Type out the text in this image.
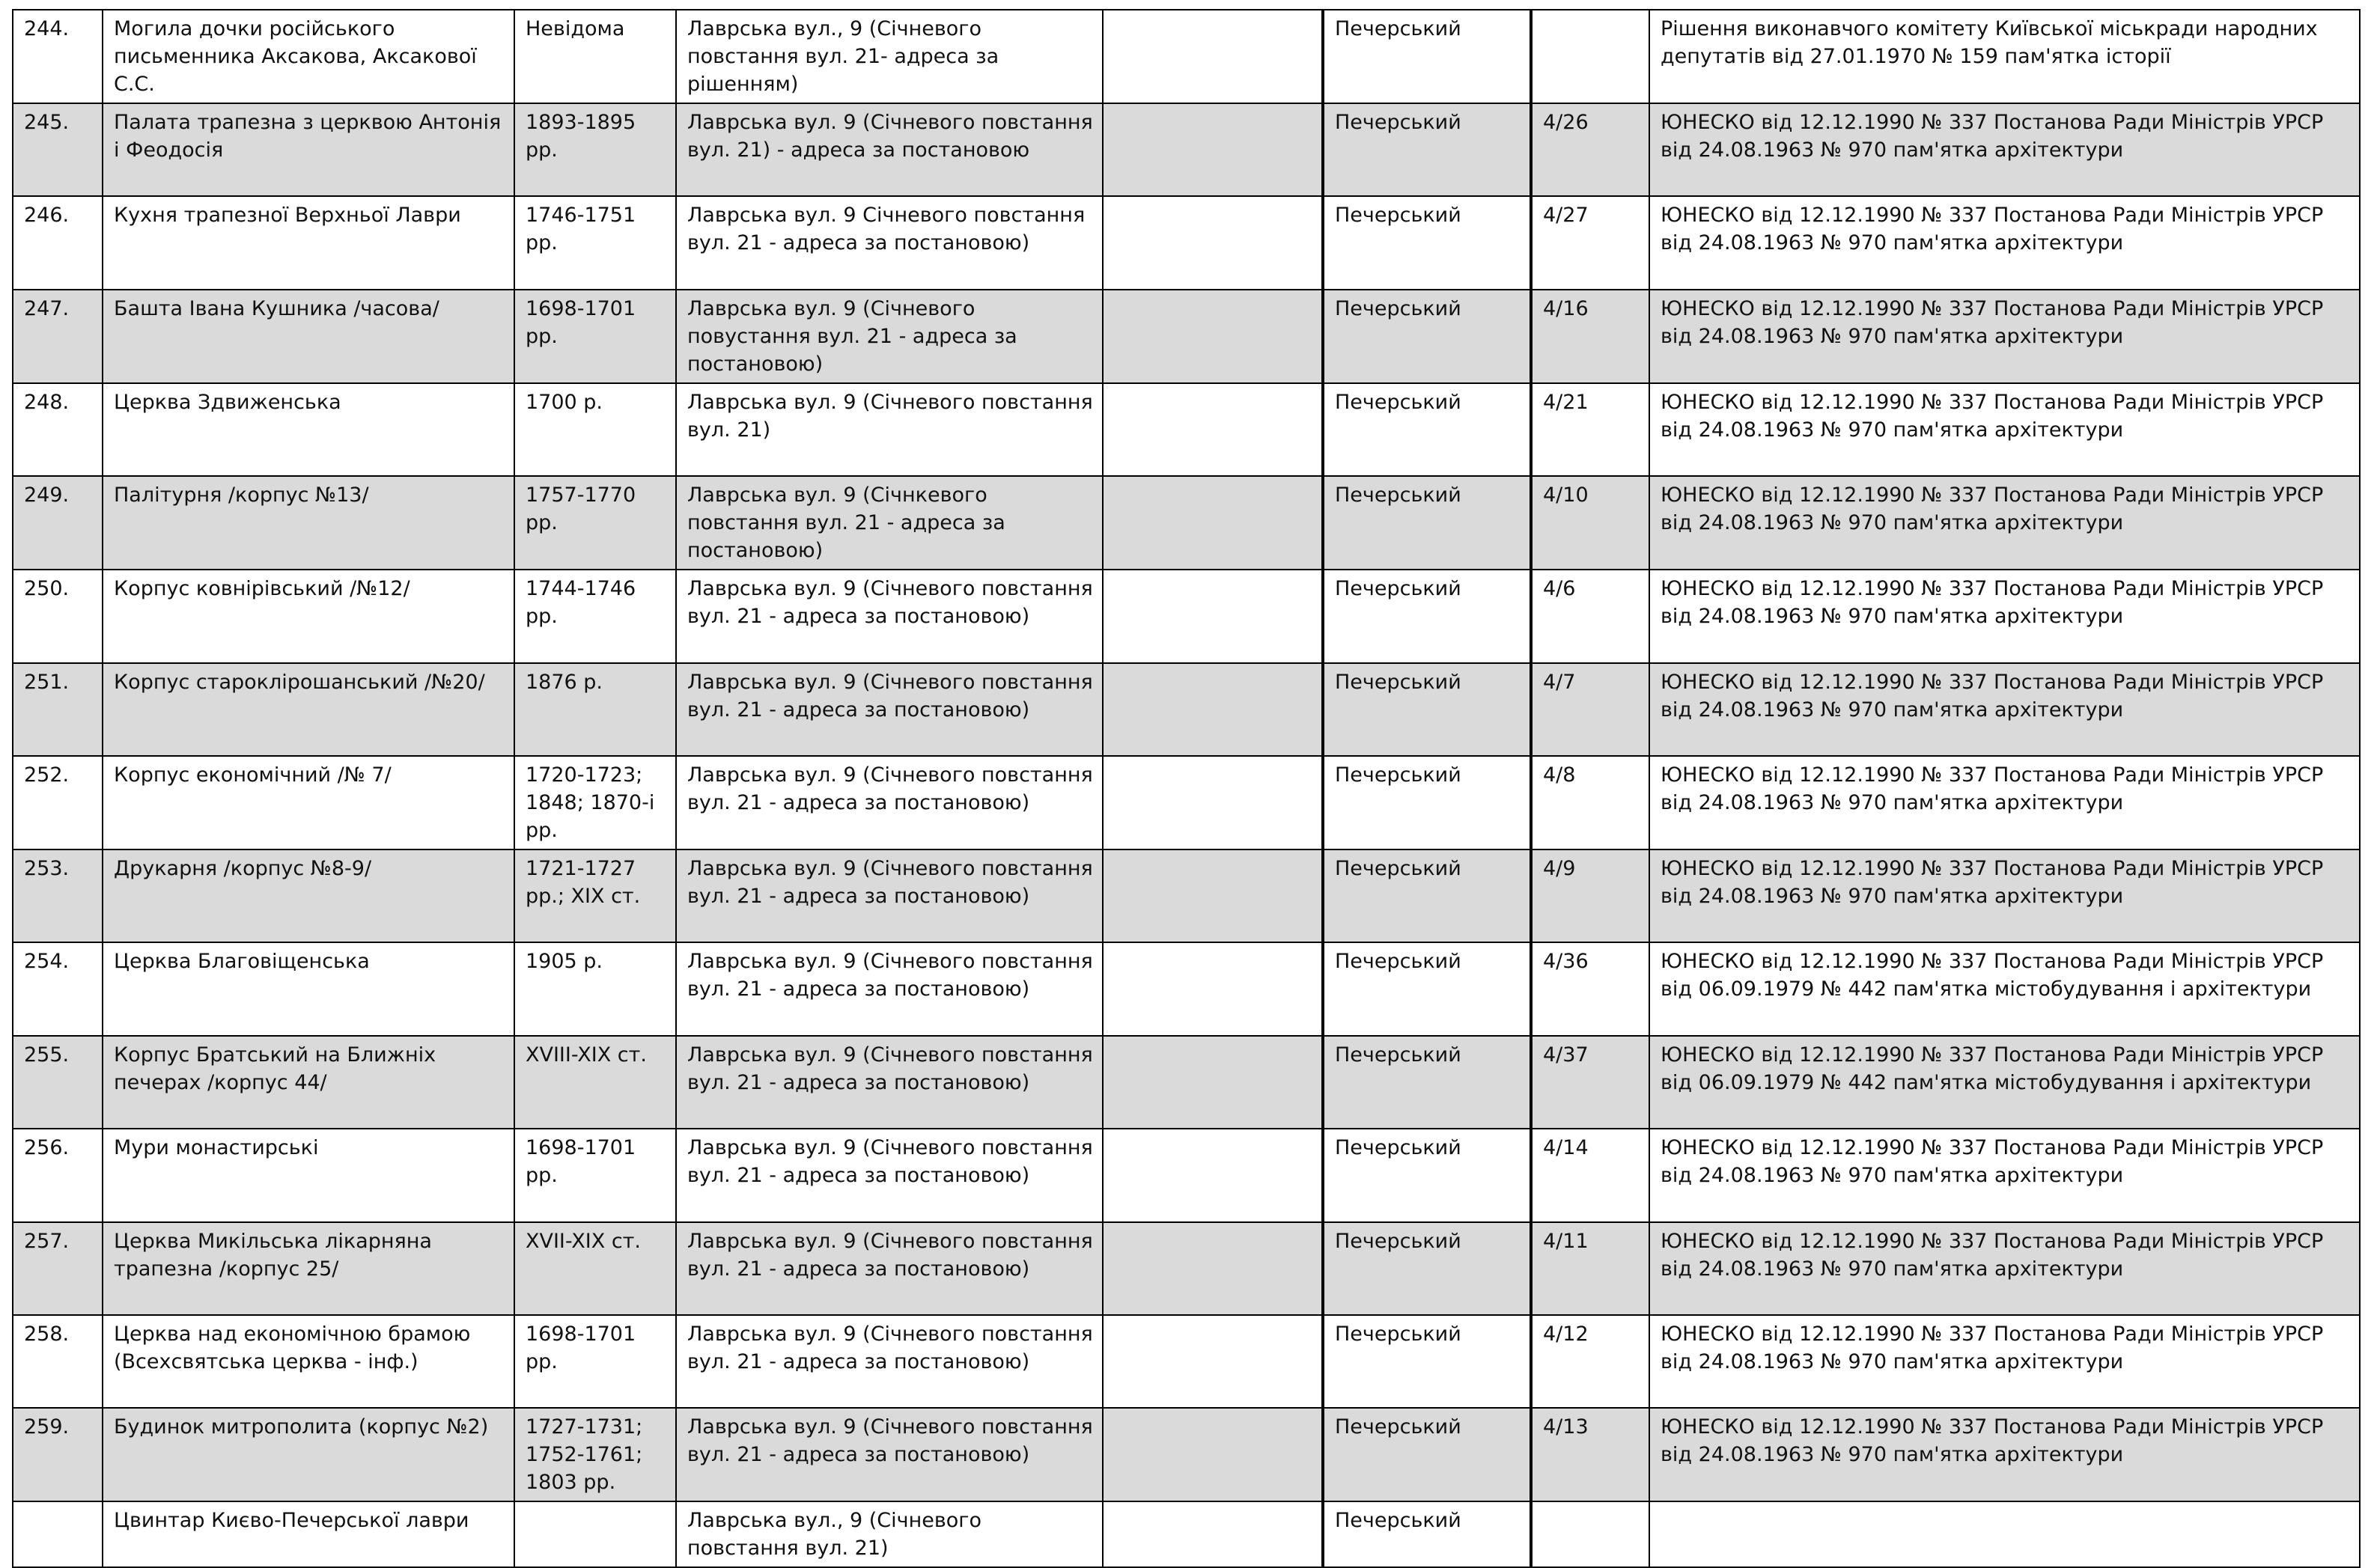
244.	Могила дочки російського письменника Аксакова, Аксакової С.С.	Невідома	Лаврська вул., 9 (Січневого повстання вул. 21- адреса за рішенням)		Печерський		Рішення виконавчого комітету Київської міськради народних депутатів від 27.01.1970 № 159 пам'ятка історії
245.	Палата трапезна з церквою Антонія і Феодосія	1893-1895 рр.	Лаврська вул. 9 (Січневого повстання вул. 21) - адреса за постановою		Печерський	4/26	ЮНЕСКО від 12.12.1990 № 337 Постанова Ради Міністрів УРСР від 24.08.1963 № 970 пам'ятка архітектури
246.	Кухня трапезної Верхньої Лаври	1746-1751 рр.	Лаврська вул. 9 Січневого повстання вул. 21 - адреса за постановою)		Печерський	4/27	ЮНЕСКО від 12.12.1990 № 337 Постанова Ради Міністрів УРСР від 24.08.1963 № 970 пам'ятка архітектури
247.	Башта Івана Кушника /часова/	1698-1701 рр.	Лаврська вул. 9 (Січневого повустання вул. 21 - адреса за постановою)		Печерський	4/16	ЮНЕСКО від 12.12.1990 № 337 Постанова Ради Міністрів УРСР від 24.08.1963 № 970 пам'ятка архітектури
248.	Церква Здвиженська	1700 р.	Лаврська вул. 9 (Січневого повстання вул. 21)		Печерський	4/21	ЮНЕСКО від 12.12.1990 № 337 Постанова Ради Міністрів УРСР від 24.08.1963 № 970 пам'ятка архітектури
249.	Палітурня /корпус №13/	1757-1770 рр.	Лаврська вул. 9 (Січнкевого повстання вул. 21 - адреса за постановою)		Печерський	4/10	ЮНЕСКО від 12.12.1990 № 337 Постанова Ради Міністрів УРСР від 24.08.1963 № 970 пам'ятка архітектури
250.	Корпус ковнірівський /№12/	1744-1746 рр.	Лаврська вул. 9 (Січневого повстання вул. 21 - адреса за постановою)		Печерський	4/6	ЮНЕСКО від 12.12.1990 № 337 Постанова Ради Міністрів УРСР від 24.08.1963 № 970 пам'ятка архітектури
251.	Корпус староклірошанський /№20/	1876 р.	Лаврська вул. 9 (Січневого повстання вул. 21 - адреса за постановою)		Печерський	4/7	ЮНЕСКО від 12.12.1990 № 337 Постанова Ради Міністрів УРСР від 24.08.1963 № 970 пам'ятка архітектури
252.	Корпус економічний /№ 7/	1720-1723; 1848; 1870-і рр.	Лаврська вул. 9 (Січневого повстання вул. 21 - адреса за постановою)		Печерський	4/8	ЮНЕСКО від 12.12.1990 № 337 Постанова Ради Міністрів УРСР від 24.08.1963 № 970 пам'ятка архітектури
253.	Друкарня /корпус №8-9/	1721-1727 рр.; ХІХ ст.	Лаврська вул. 9 (Січневого повстання вул. 21 - адреса за постановою)		Печерський	4/9	ЮНЕСКО від 12.12.1990 № 337 Постанова Ради Міністрів УРСР від 24.08.1963 № 970 пам'ятка архітектури
254.	Церква Благовіщенська	1905 р.	Лаврська вул. 9 (Січневого повстання вул. 21 - адреса за постановою)		Печерський	4/36	ЮНЕСКО від 12.12.1990 № 337 Постанова Ради Міністрів УРСР від 06.09.1979 № 442 пам'ятка містобудування і архітектури
255.	Корпус Братський на Ближніх печерах /корпус 44/	XVIII-XIX ст.	Лаврська вул. 9 (Січневого повстання вул. 21 - адреса за постановою)		Печерський	4/37	ЮНЕСКО від 12.12.1990 № 337 Постанова Ради Міністрів УРСР від 06.09.1979 № 442 пам'ятка містобудування і архітектури
256.	Мури монастирські	1698-1701 рр.	Лаврська вул. 9 (Січневого повстання вул. 21 - адреса за постановою)		Печерський	4/14	ЮНЕСКО від 12.12.1990 № 337 Постанова Ради Міністрів УРСР від 24.08.1963 № 970 пам'ятка архітектури
257.	Церква Микільська лікарняна трапезна /корпус 25/	XVII-XIX ст.	Лаврська вул. 9 (Січневого повстання вул. 21 - адреса за постановою)		Печерський	4/11	ЮНЕСКО від 12.12.1990 № 337 Постанова Ради Міністрів УРСР від 24.08.1963 № 970 пам'ятка архітектури
258.	Церква над економічною брамою (Всехсвятська церква - інф.)	1698-1701 рр.	Лаврська вул. 9 (Січневого повстання вул. 21 - адреса за постановою)		Печерський	4/12	ЮНЕСКО від 12.12.1990 № 337 Постанова Ради Міністрів УРСР від 24.08.1963 № 970 пам'ятка архітектури
259.	Будинок митрополита (корпус №2)	1727-1731; 1752-1761; 1803 рр.	Лаврська вул. 9 (Січневого повстання вул. 21 - адреса за постановою)		Печерський	4/13	ЮНЕСКО від 12.12.1990 № 337 Постанова Ради Міністрів УРСР від 24.08.1963 № 970 пам'ятка архітектури
	Цвинтар Києво-Печерської лаври		Лаврська вул., 9 (Січневого повстання вул. 21)		Печерський		
